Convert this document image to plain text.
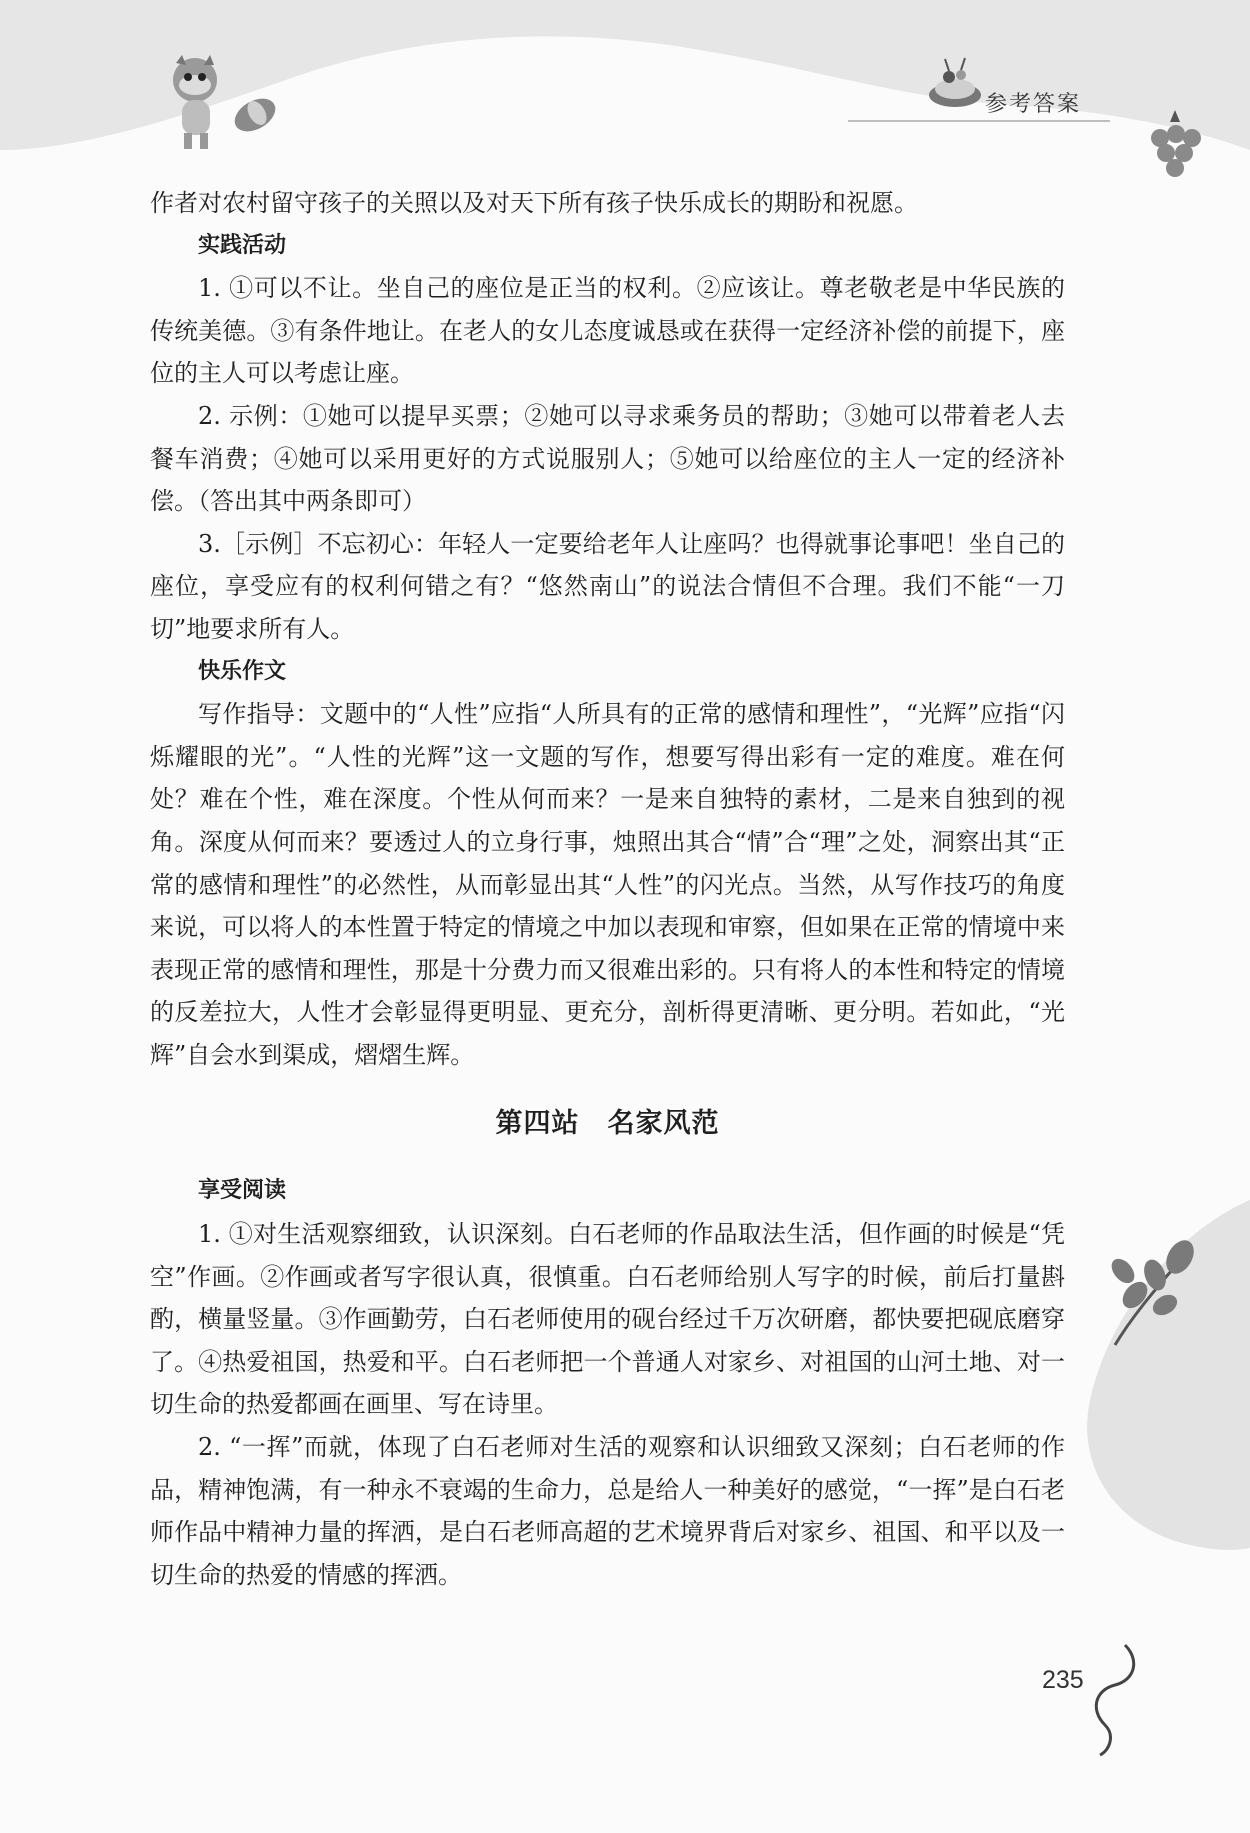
参考答案

作者对农村留守孩子的关照以及对天下所有孩子快乐成长的期盼和祝愿。

实践活动

1. ①可以不让。坐自己的座位是正当的权利。②应该让。尊老敬老是中华民族的传统美德。③有条件地让。在老人的女儿态度诚恳或在获得一定经济补偿的前提下，座位的主人可以考虑让座。

2. 示例：①她可以提早买票；②她可以寻求乘务员的帮助；③她可以带着老人去餐车消费；④她可以采用更好的方式说服别人；⑤她可以给座位的主人一定的经济补偿。（答出其中两条即可）

3.［示例］不忘初心：年轻人一定要给老年人让座吗？也得就事论事吧！坐自己的座位，享受应有的权利何错之有？“悠然南山”的说法合情但不合理。我们不能“一刀切”地要求所有人。

快乐作文

写作指导：文题中的“人性”应指“人所具有的正常的感情和理性”，“光辉”应指“闪烁耀眼的光”。“人性的光辉”这一文题的写作，想要写得出彩有一定的难度。难在何处？难在个性，难在深度。个性从何而来？一是来自独特的素材，二是来自独到的视角。深度从何而来？要透过人的立身行事，烛照出其合“情”合“理”之处，洞察出其“正常的感情和理性”的必然性，从而彰显出其“人性”的闪光点。当然，从写作技巧的角度来说，可以将人的本性置于特定的情境之中加以表现和审察，但如果在正常的情境中来表现正常的感情和理性，那是十分费力而又很难出彩的。只有将人的本性和特定的情境的反差拉大，人性才会彰显得更明显、更充分，剖析得更清晰、更分明。若如此，“光辉”自会水到渠成，熠熠生辉。

第四站　名家风范

享受阅读

1. ①对生活观察细致，认识深刻。白石老师的作品取法生活，但作画的时候是“凭空”作画。②作画或者写字很认真，很慎重。白石老师给别人写字的时候，前后打量斟酌，横量竖量。③作画勤劳，白石老师使用的砚台经过千万次研磨，都快要把砚底磨穿了。④热爱祖国，热爱和平。白石老师把一个普通人对家乡、对祖国的山河土地、对一切生命的热爱都画在画里、写在诗里。

2. “一挥”而就，体现了白石老师对生活的观察和认识细致又深刻；白石老师的作品，精神饱满，有一种永不衰竭的生命力，总是给人一种美好的感觉，“一挥”是白石老师作品中精神力量的挥洒，是白石老师高超的艺术境界背后对家乡、祖国、和平以及一切生命的热爱的情感的挥洒。

235
